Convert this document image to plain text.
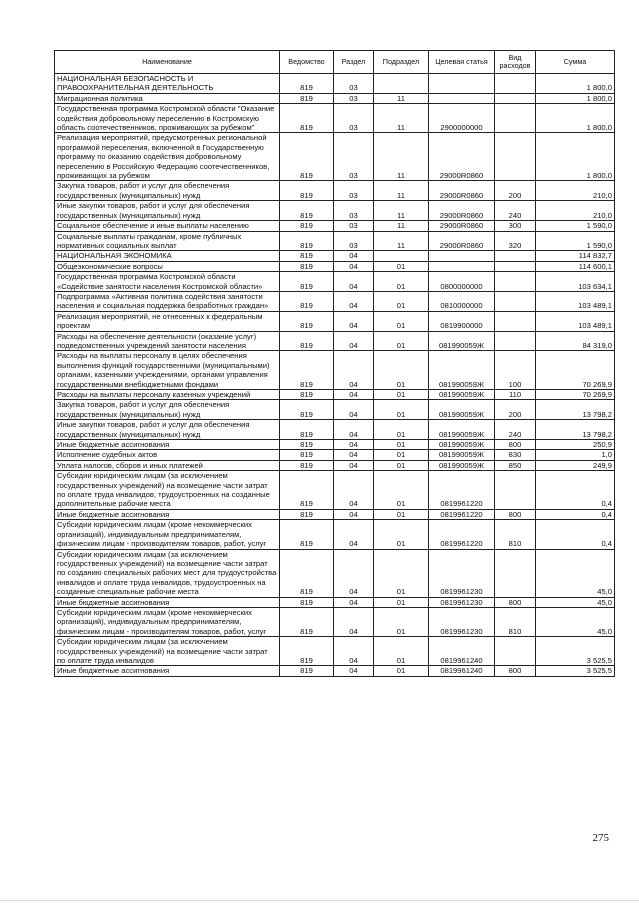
Наименование	Ведомство	Раздел	Подраздел	Целевая статья	Вид расходов	Сумма
НАЦИОНАЛЬНАЯ БЕЗОПАСНОСТЬ И ПРАВООХРАНИТЕЛЬНАЯ ДЕЯТЕЛЬНОСТЬ	819	03				1 800,0
Миграционная политика	819	03	11			1 800,0
Государственная программа Костромской области "Оказание содействия добровольному переселению в Костромскую область соотечественников, проживающих за рубежом"	819	03	11	2900000000		1 800,0
Реализация мероприятий, предусмотренных региональной программой переселения, включенной в Государственную программу по оказанию содействия добровольному переселению в Российскую Федерацию соотечественников, проживающих за рубежом	819	03	11	29000R0860		1 800,0
Закупка товаров, работ и услуг для обеспечения государственных (муниципальных) нужд	819	03	11	29000R0860	200	210,0
Иные закупки товаров, работ и услуг для обеспечения государственных (муниципальных) нужд	819	03	11	29000R0860	240	210,0
Социальное обеспечение и иные выплаты населению	819	03	11	29000R0860	300	1 590,0
Социальные выплаты гражданам, кроме публичных нормативных социальных выплат	819	03	11	29000R0860	320	1 590,0
НАЦИОНАЛЬНАЯ ЭКОНОМИКА	819	04				114 832,7
Общеэкономические вопросы	819	04	01			114 600,1
Государственная программа Костромской области «Содействие занятости населения Костромской области»	819	04	01	0800000000		103 634,1
Подпрограмма «Активная политика содействия занятости населения и социальная поддержка безработных граждан»	819	04	01	0810000000		103 489,1
Реализация мероприятий, не отнесенных к федеральным проектам	819	04	01	0819900000		103 489,1
Расходы на обеспечение деятельности (оказание услуг) подведомственных учреждений занятости населения	819	04	01	081990059Ж		84 319,0
Расходы на выплаты персоналу в целях обеспечения выполнения функций государственными (муниципальными) органами, казенными учреждениями, органами управления государственными внебюджетными фондами	819	04	01	081990059Ж	100	70 269,9
Расходы на выплаты персоналу казенных учреждений	819	04	01	081990059Ж	110	70 269,9
Закупка товаров, работ и услуг для обеспечения государственных (муниципальных) нужд	819	04	01	081990059Ж	200	13 798,2
Иные закупки товаров, работ и услуг для обеспечения государственных (муниципальных) нужд	819	04	01	081990059Ж	240	13 798,2
Иные бюджетные ассигнования	819	04	01	081990059Ж	800	250,9
Исполнение судебных актов	819	04	01	081990059Ж	830	1,0
Уплата налогов, сборов и иных платежей	819	04	01	081990059Ж	850	249,9
Субсидии юридическим лицам (за исключением государственных учреждений) на возмещение части затрат по оплате труда инвалидов, трудоустроенных на созданные дополнительные рабочие места	819	04	01	0819961220		0,4
Иные бюджетные ассигнования	819	04	01	0819961220	800	0,4
Субсидии юридическим лицам (кроме некоммерческих организаций), индивидуальным предпринимателям, физическим лицам - производителям товаров, работ, услуг	819	04	01	0819961220	810	0,4
Субсидии юридическим лицам (за исключением государственных учреждений) на возмещение части затрат по созданию специальных рабочих мест для трудоустройства инвалидов и оплате труда инвалидов, трудоустроенных на созданные специальные рабочие места	819	04	01	0819961230		45,0
Иные бюджетные ассигнования	819	04	01	0819961230	800	45,0
Субсидии юридическим лицам (кроме некоммерческих организаций), индивидуальным предпринимателям, физическим лицам - производителям товаров, работ, услуг	819	04	01	0819961230	810	45,0
Субсидии юридическим лицам (за исключением государственных учреждений) на возмещение части затрат по оплате труда инвалидов	819	04	01	0819961240		3 525,5
Иные бюджетные ассигнования	819	04	01	0819961240	800	3 525,5
275
